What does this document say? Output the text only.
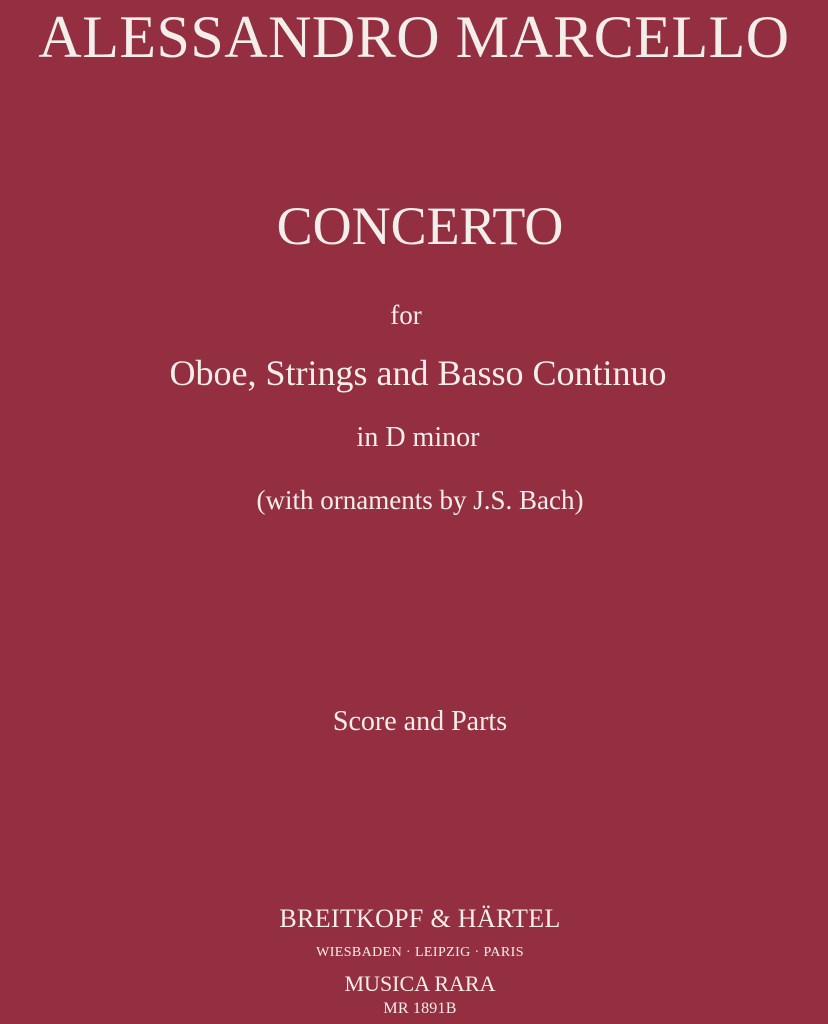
ALESSANDRO MARCELLO
CONCERTO
for
Oboe, Strings and Basso Continuo
in D minor
(with ornaments by J.S. Bach)
Score and Parts
BREITKOPF & HÄRTEL
WIESBADEN · LEIPZIG · PARIS
MUSICA RARA
MR 1891B
